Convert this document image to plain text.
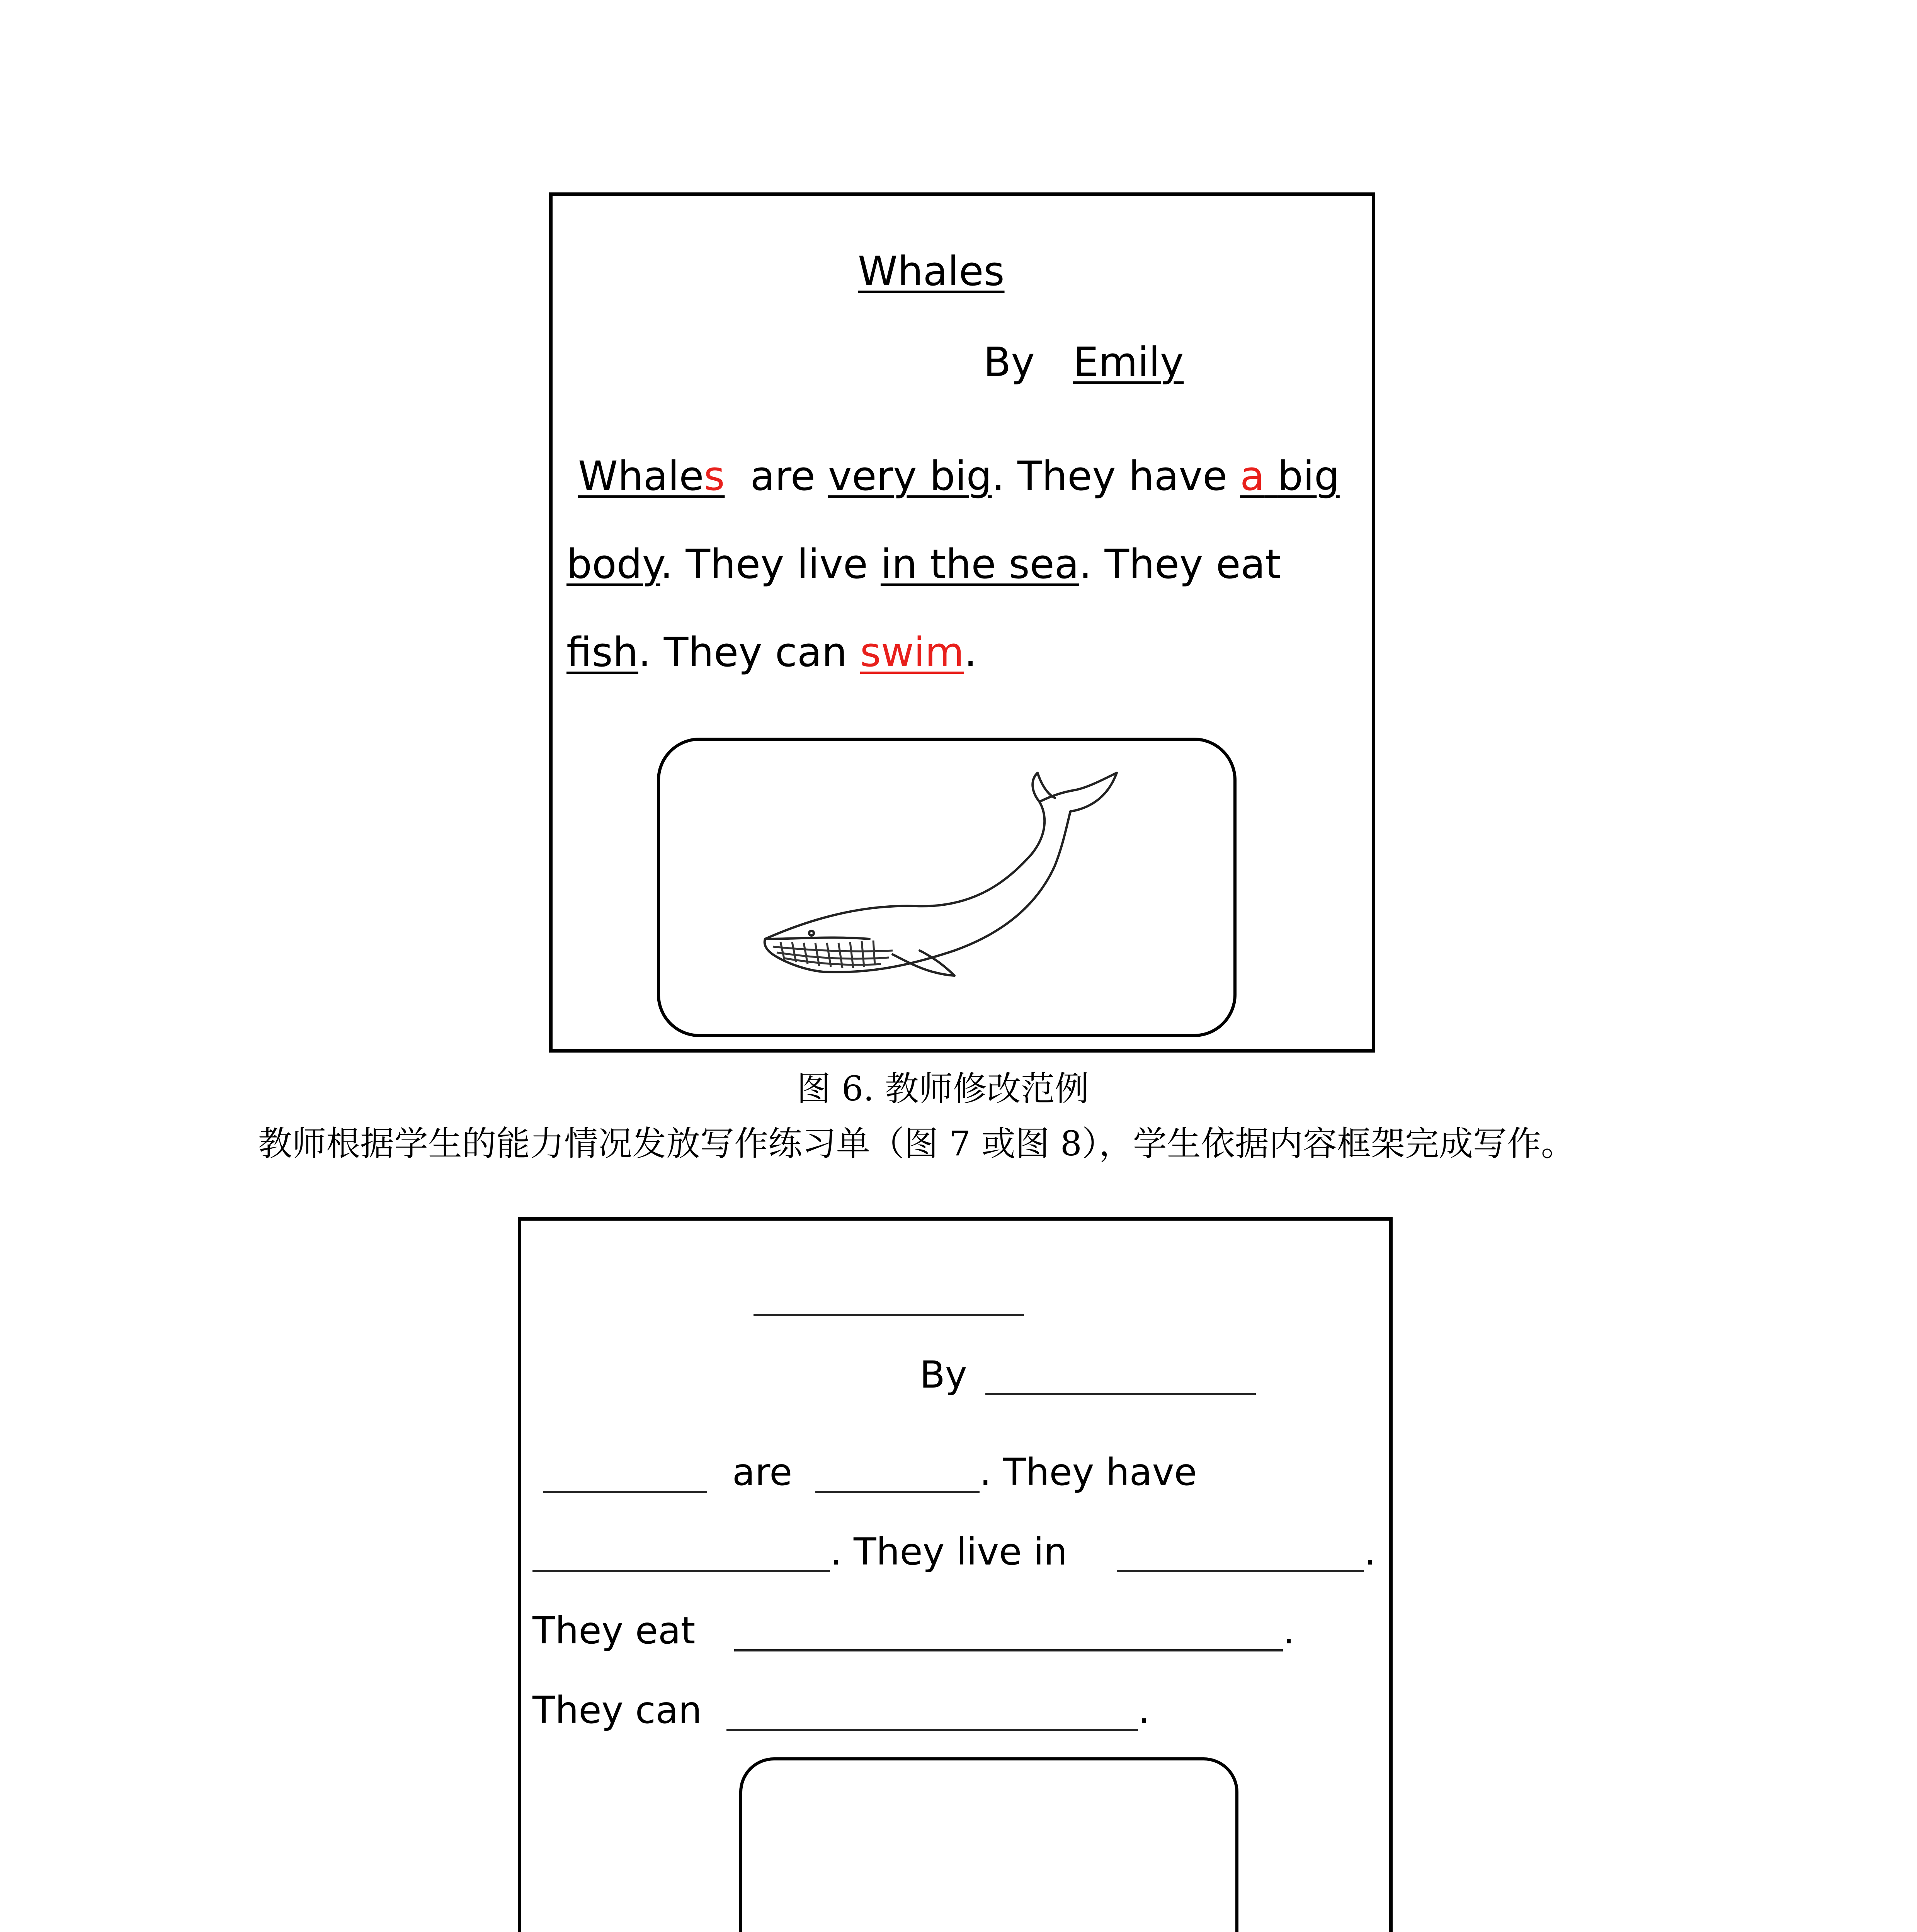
Whales
By Emily
Whales are very big. They have a big
body. They live in the sea. They eat
fish. They can swim.
图 6. 教师修改范例
教师根据学生的能力情况发放写作练习单（图 7 或图 8），学生依据内容框架完成写作。
By
are	. They have
. They live in	.
They eat	.
They can	.
